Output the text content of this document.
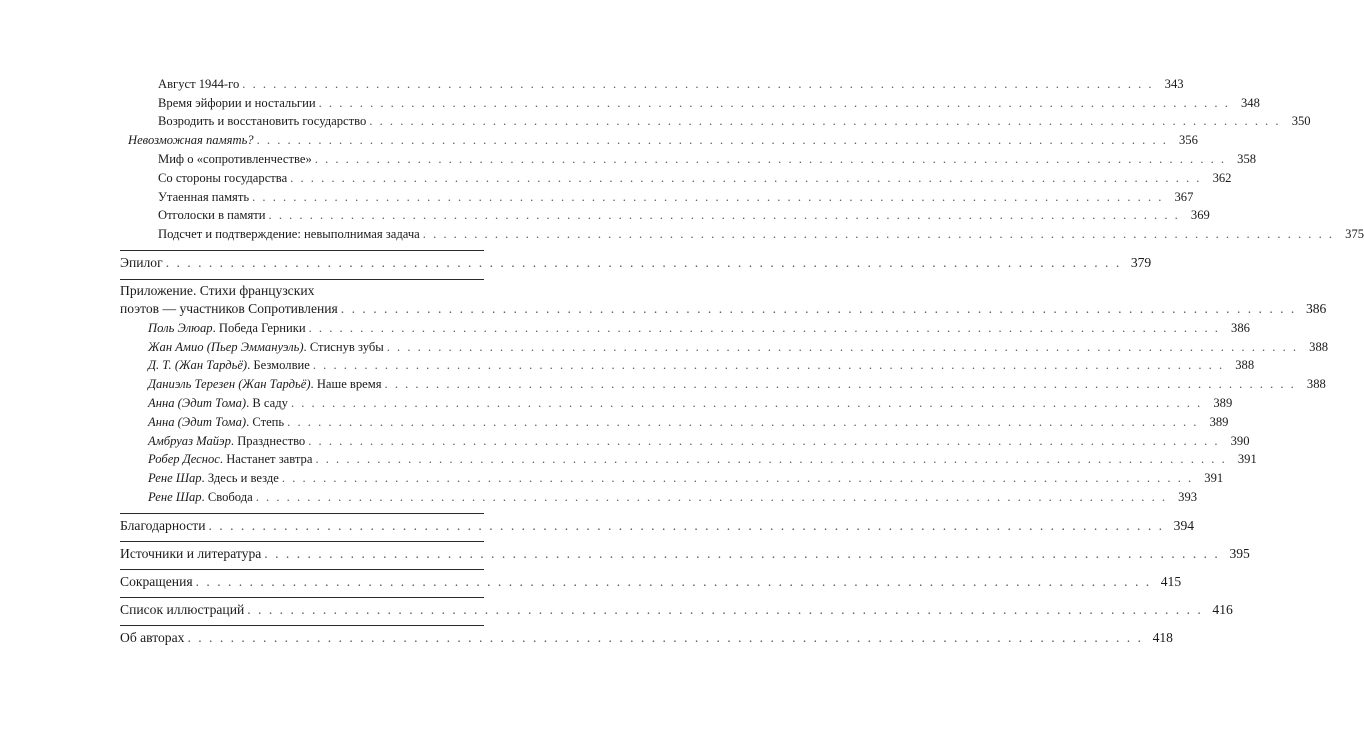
Август 1944-го . . .	343
Время эйфории и ностальгии . . .	348
Возродить и восстановить государство . . .	350
Невозможная память? . . .	356
Миф о «сопротивленчестве» . . .	358
Со стороны государства . . .	362
Утаенная память . . .	367
Отголоски в памяти . . .	369
Подсчет и подтверждение: невыполнимая задача . . .	375
Эпилог . . .	379
Приложение. Стихи французских
поэтов — участников Сопротивления . . .	386
Поль Элюар. Победа Герники . . .	386
Жан Амио (Пьер Эммануэль). Стиснув зубы . . .	388
Д. Т. (Жан Тардьё). Безмолвие . . .	388
Даниэль Терезен (Жан Тардьё). Наше время . . .	388
Анна (Эдит Тома). В саду . . .	389
Анна (Эдит Тома). Степь . . .	389
Амбруаз Майэр. Празднество . . .	390
Робер Деснос. Настанет завтра . . .	391
Рене Шар. Здесь и везде . . .	391
Рене Шар. Свобода . . .	393
Благодарности . . .	394
Источники и литература . . .	395
Сокращения . . .	415
Список иллюстраций . . .	416
Об авторах . . .	418
